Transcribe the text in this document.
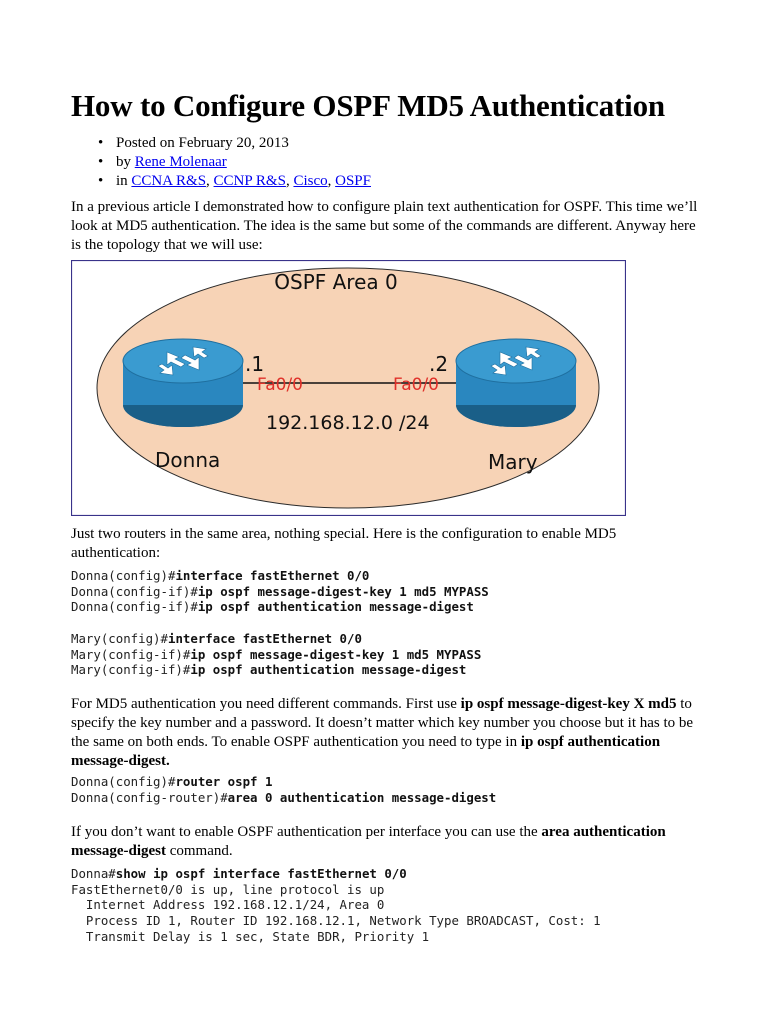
How to Configure OSPF MD5 Authentication
• Posted on February 20, 2013
• by Rene Molenaar
• in CCNA R&S, CCNP R&S, Cisco, OSPF

In a previous article I demonstrated how to configure plain text authentication for OSPF. This time we’ll look at MD5 authentication. The idea is the same but some of the commands are different. Anyway here is the topology that we will use:

OSPF Area 0
.1	.2
Fa0/0	Fa0/0
192.168.12.0 /24
Donna	Mary

Just two routers in the same area, nothing special. Here is the configuration to enable MD5 authentication:

Donna(config)#interface fastEthernet 0/0
Donna(config-if)#ip ospf message-digest-key 1 md5 MYPASS
Donna(config-if)#ip ospf authentication message-digest
Mary(config)#interface fastEthernet 0/0
Mary(config-if)#ip ospf message-digest-key 1 md5 MYPASS
Mary(config-if)#ip ospf authentication message-digest

For MD5 authentication you need different commands. First use ip ospf message-digest-key X md5 to specify the key number and a password. It doesn’t matter which key number you choose but it has to be the same on both ends. To enable OSPF authentication you need to type in ip ospf authentication message-digest.

Donna(config)#router ospf 1
Donna(config-router)#area 0 authentication message-digest

If you don’t want to enable OSPF authentication per interface you can use the area authentication message-digest command.

Donna#show ip ospf interface fastEthernet 0/0
FastEthernet0/0 is up, line protocol is up
Internet Address 192.168.12.1/24, Area 0
Process ID 1, Router ID 192.168.12.1, Network Type BROADCAST, Cost: 1
Transmit Delay is 1 sec, State BDR, Priority 1
